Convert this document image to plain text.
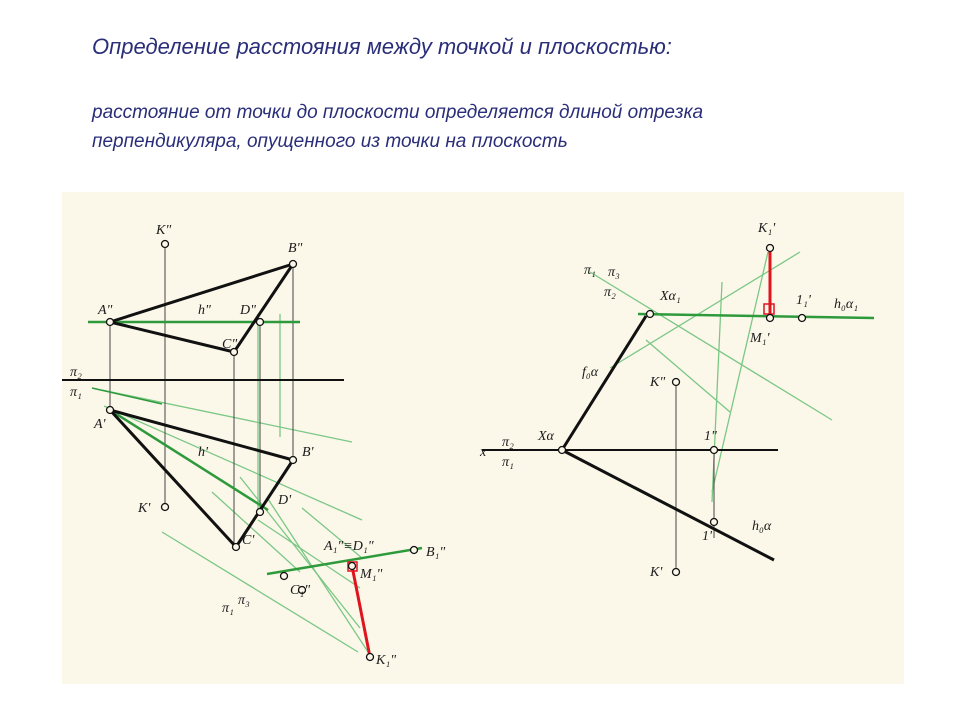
Определение расстояния между точкой и плоскостью:
расстояние от точки до плоскости определяется длиной отрезка
перпендикуляра, опущенного из точки на плоскость
K"
B"
A"	h" D"
C"
π₂
π₁
A'
h'	B'
D'
K'
C'	A₁"≡D₁"	B₁"
M₁"
C₁"
K₁"
π₁
π₃
π₁ π₃
π₂	Xα₁
K₁'
1₁' h₀α₁
M₁'
f₀α
K"
x
π₂
π₁
Xα	1"
1'
h₀α
K'
